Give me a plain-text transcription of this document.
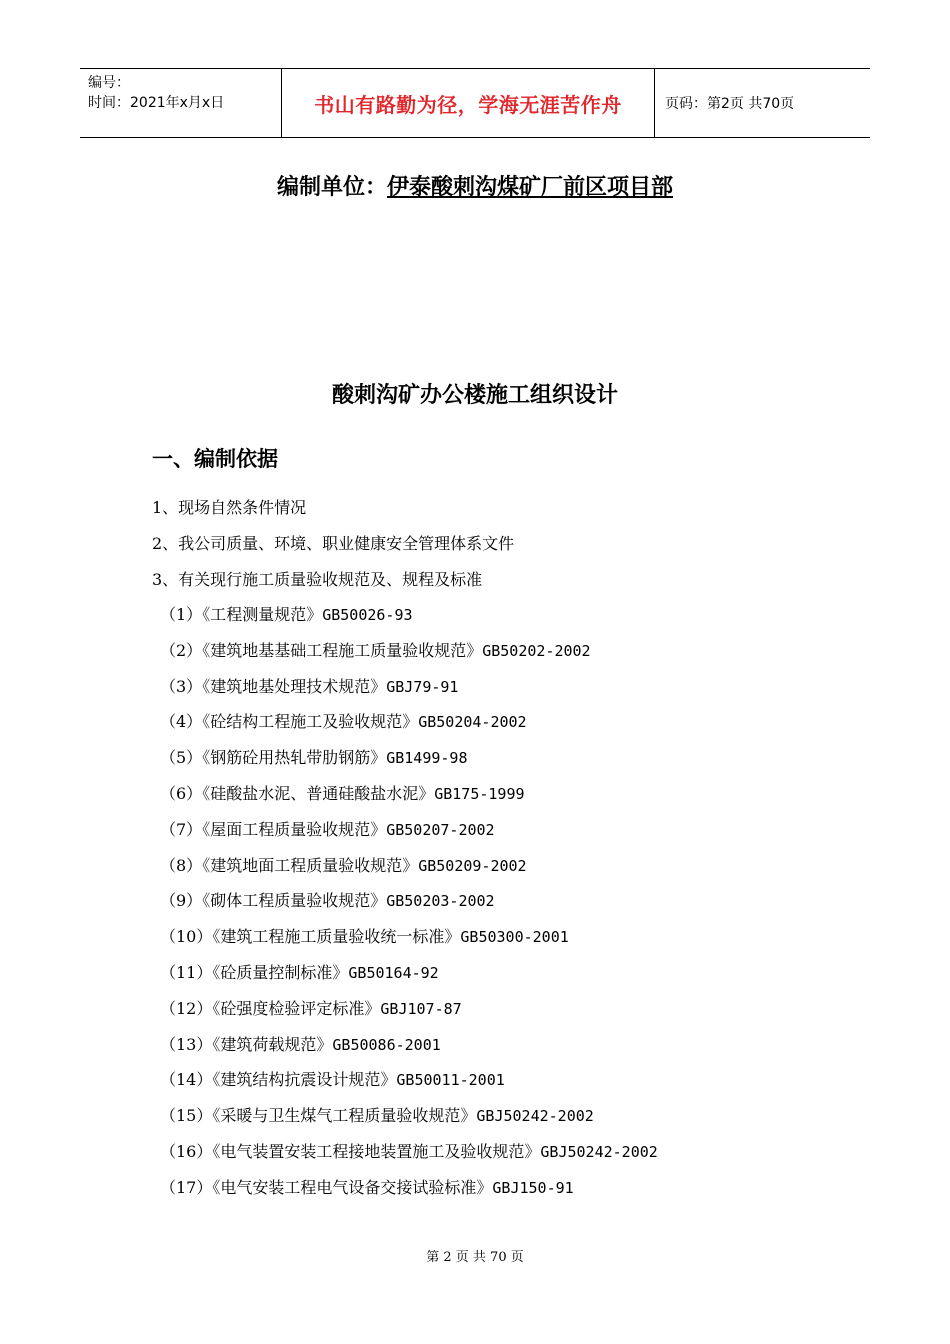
编号：
时间：2021年x月x日	书山有路勤为径，学海无涯苦作舟	页码：第2页 共70页
编制单位：伊泰酸刺沟煤矿厂前区项目部
酸刺沟矿办公楼施工组织设计
一、编制依据
1、现场自然条件情况
2、我公司质量、环境、职业健康安全管理体系文件
3、有关现行施工质量验收规范及、规程及标准
（1）《工程测量规范》GB50026-93
（2）《建筑地基基础工程施工质量验收规范》GB50202-2002
（3）《建筑地基处理技术规范》GBJ79-91
（4）《砼结构工程施工及验收规范》GB50204-2002
（5）《钢筋砼用热轧带肋钢筋》GB1499-98
（6）《硅酸盐水泥、普通硅酸盐水泥》GB175-1999
（7）《屋面工程质量验收规范》GB50207-2002
（8）《建筑地面工程质量验收规范》GB50209-2002
（9）《砌体工程质量验收规范》GB50203-2002
（10）《建筑工程施工质量验收统一标准》GB50300-2001
（11）《砼质量控制标准》GB50164-92
（12）《砼强度检验评定标准》GBJ107-87
（13）《建筑荷载规范》GB50086-2001
（14）《建筑结构抗震设计规范》GB50011-2001
（15）《采暖与卫生煤气工程质量验收规范》GBJ50242-2002
（16）《电气装置安装工程接地装置施工及验收规范》GBJ50242-2002
（17）《电气安装工程电气设备交接试验标准》GBJ150-91
第 2 页 共 70 页
